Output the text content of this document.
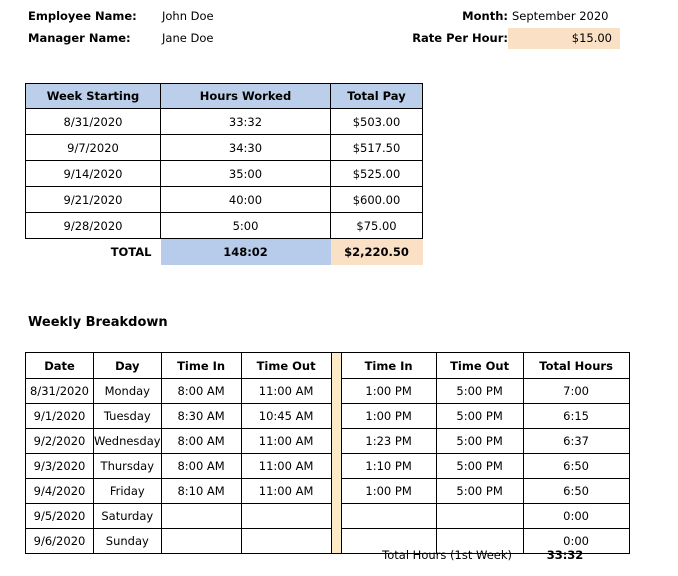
Employee Name: John Doe	Month: September 2020
Manager Name:	Jane Doe	Rate Per Hour:	$15.00
Week Starting	Hours Worked	Total Pay
8/31/2020	33:32	$503.00
9/7/2020	34:30	$517.50
9/14/2020	35:00	$525.00
9/21/2020	40:00	$600.00
9/28/2020	5:00	$75.00
TOTAL	148:02	$2,220.50
Weekly Breakdown
Date	Day	Time In	Time Out		Time In	Time Out	Total Hours
8/31/2020	Monday	8:00 AM	11:00 AM		1:00 PM	5:00 PM	7:00
9/1/2020	Tuesday	8:30 AM	10:45 AM		1:00 PM	5:00 PM	6:15
9/2/2020	Wednesday	8:00 AM	11:00 AM		1:23 PM	5:00 PM	6:37
9/3/2020	Thursday	8:00 AM	11:00 AM		1:10 PM	5:00 PM	6:50
9/4/2020	Friday	8:10 AM	11:00 AM		1:00 PM	5:00 PM	6:50
9/5/2020	Saturday						0:00
9/6/2020	Sunday						0:00
Total Hours (1st Week)	33:32
